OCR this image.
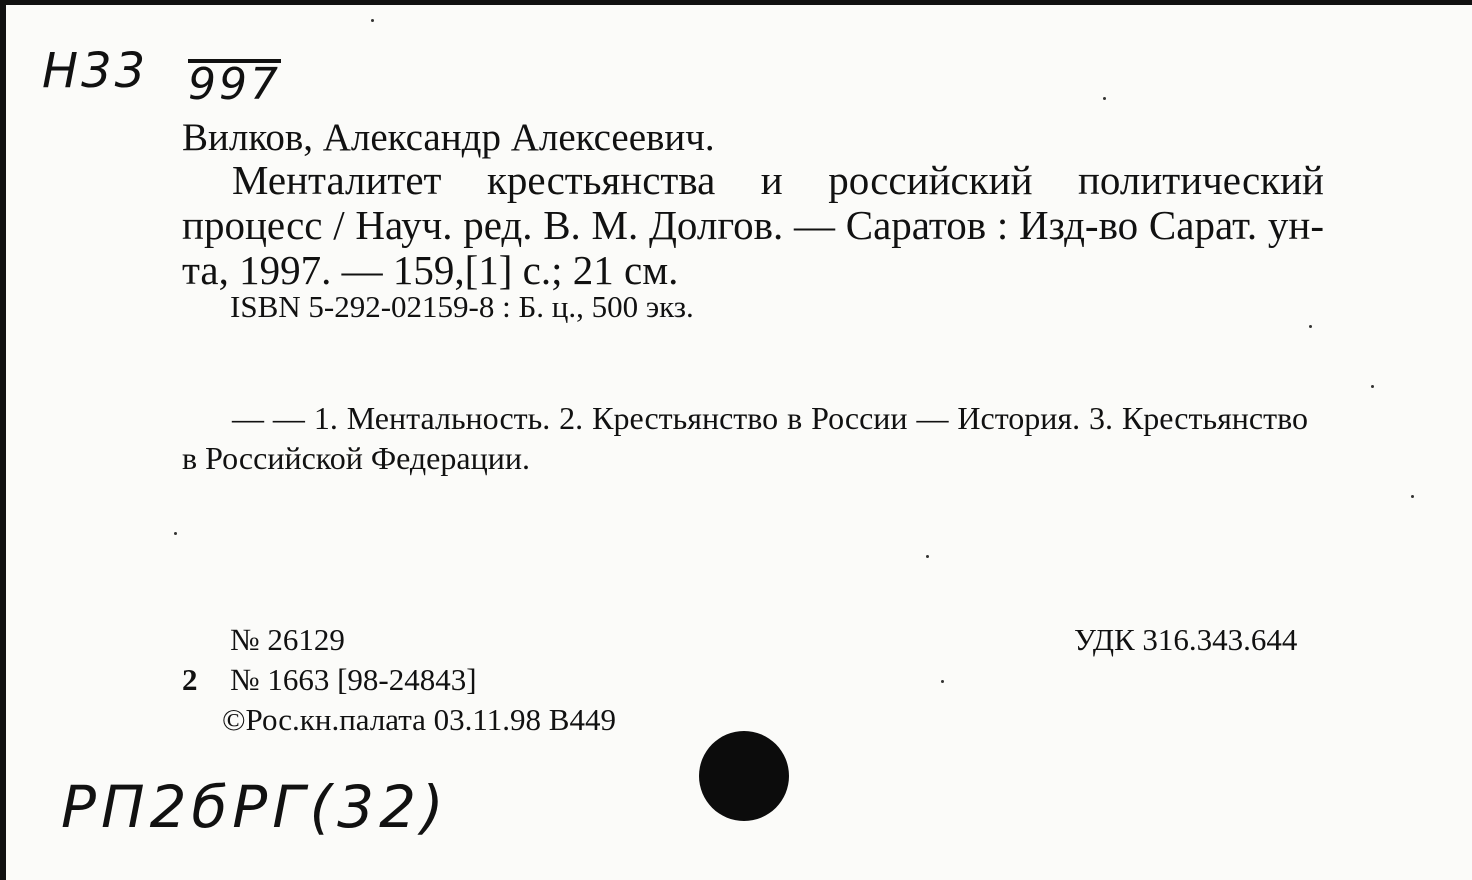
Н33 997
Вилков, Александр Алексеевич.
Менталитет крестьянства и российский политический процесс / Науч. ред. В. М. Долгов. — Саратов : Изд-во Сарат. ун-та, 1997. — 159,[1] с.; 21 см.
ISBN 5-292-02159-8 : Б. ц., 500 экз.
— — 1. Ментальность. 2. Крестьянство в России — История. 3. Крестьянство в Российской Федерации.
№ 26129	УДК 316.343.644
2 № 1663 [98-24843]
©Рос.кн.палата 03.11.98 В449
РП2бРГ(32)
